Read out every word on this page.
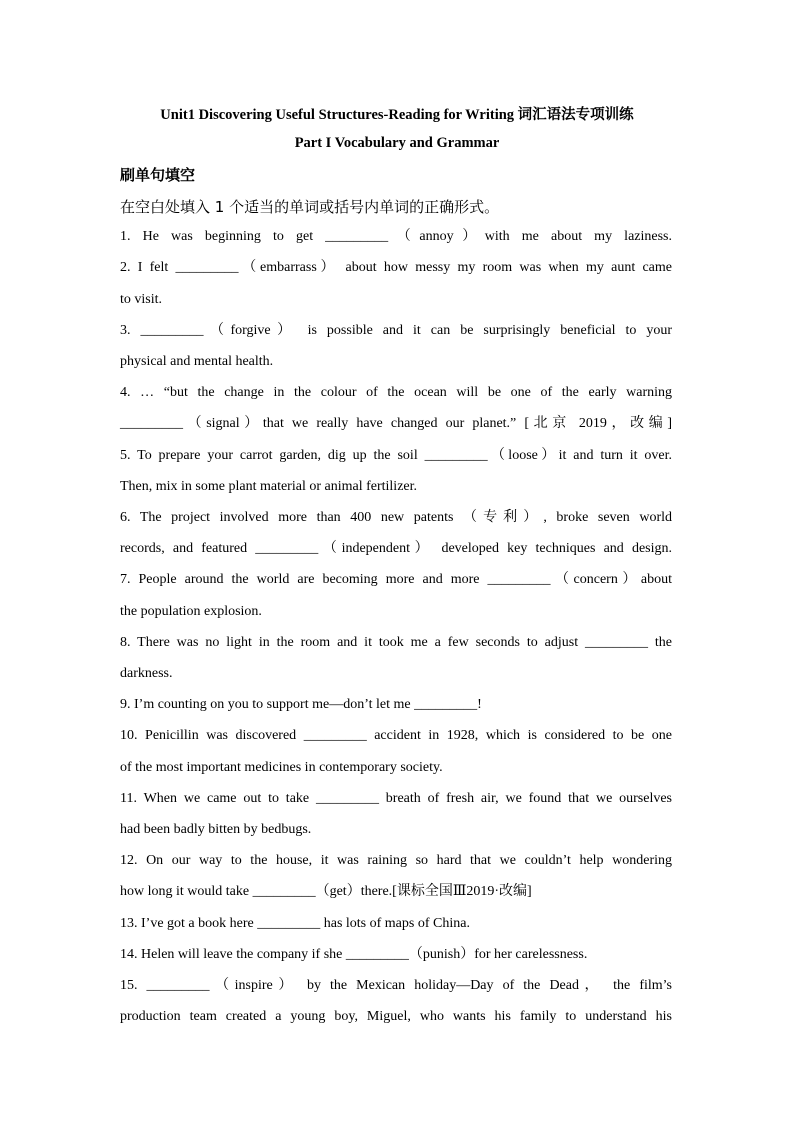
Unit1 Discovering Useful Structures-Reading for Writing 词汇语法专项训练
Part I Vocabulary and Grammar
刷单句填空
在空白处填入 1 个适当的单词或括号内单词的正确形式。
1. He was beginning to get _________（annoy）with me about my laziness.
2. I felt _________（embarrass） about how messy my room was when my aunt came
to visit.
3. _________（forgive） is possible and it can be surprisingly beneficial to your
physical and mental health.
4. … “but the change in the colour of the ocean will be one of the early warning
_________（signal）that we really have changed our planet.” [北京 2019，改编]
5. To prepare your carrot garden, dig up the soil _________（loose）it and turn it over.
Then, mix in some plant material or animal fertilizer.
6. The project involved more than 400 new patents （专利）, broke seven world
records, and featured _________（independent） developed key techniques and design.
7. People around the world are becoming more and more _________（concern）about
the population explosion.
8. There was no light in the room and it took me a few seconds to adjust _________ the
darkness.
9. I’m counting on you to support me—don’t let me _________!
10. Penicillin was discovered _________ accident in 1928, which is considered to be one
of the most important medicines in contemporary society.
11. When we came out to take _________ breath of fresh air, we found that we ourselves
had been badly bitten by bedbugs.
12. On our way to the house, it was raining so hard that we couldn’t help wondering
how long it would take _________（get）there.[课标全国Ⅲ2019·改编]
13. I’ve got a book here _________ has lots of maps of China.
14. Helen will leave the company if she _________（punish）for her carelessness.
15. _________（inspire） by the Mexican holiday—Day of the Dead， the film’s
production team created a young boy, Miguel, who wants his family to understand his
